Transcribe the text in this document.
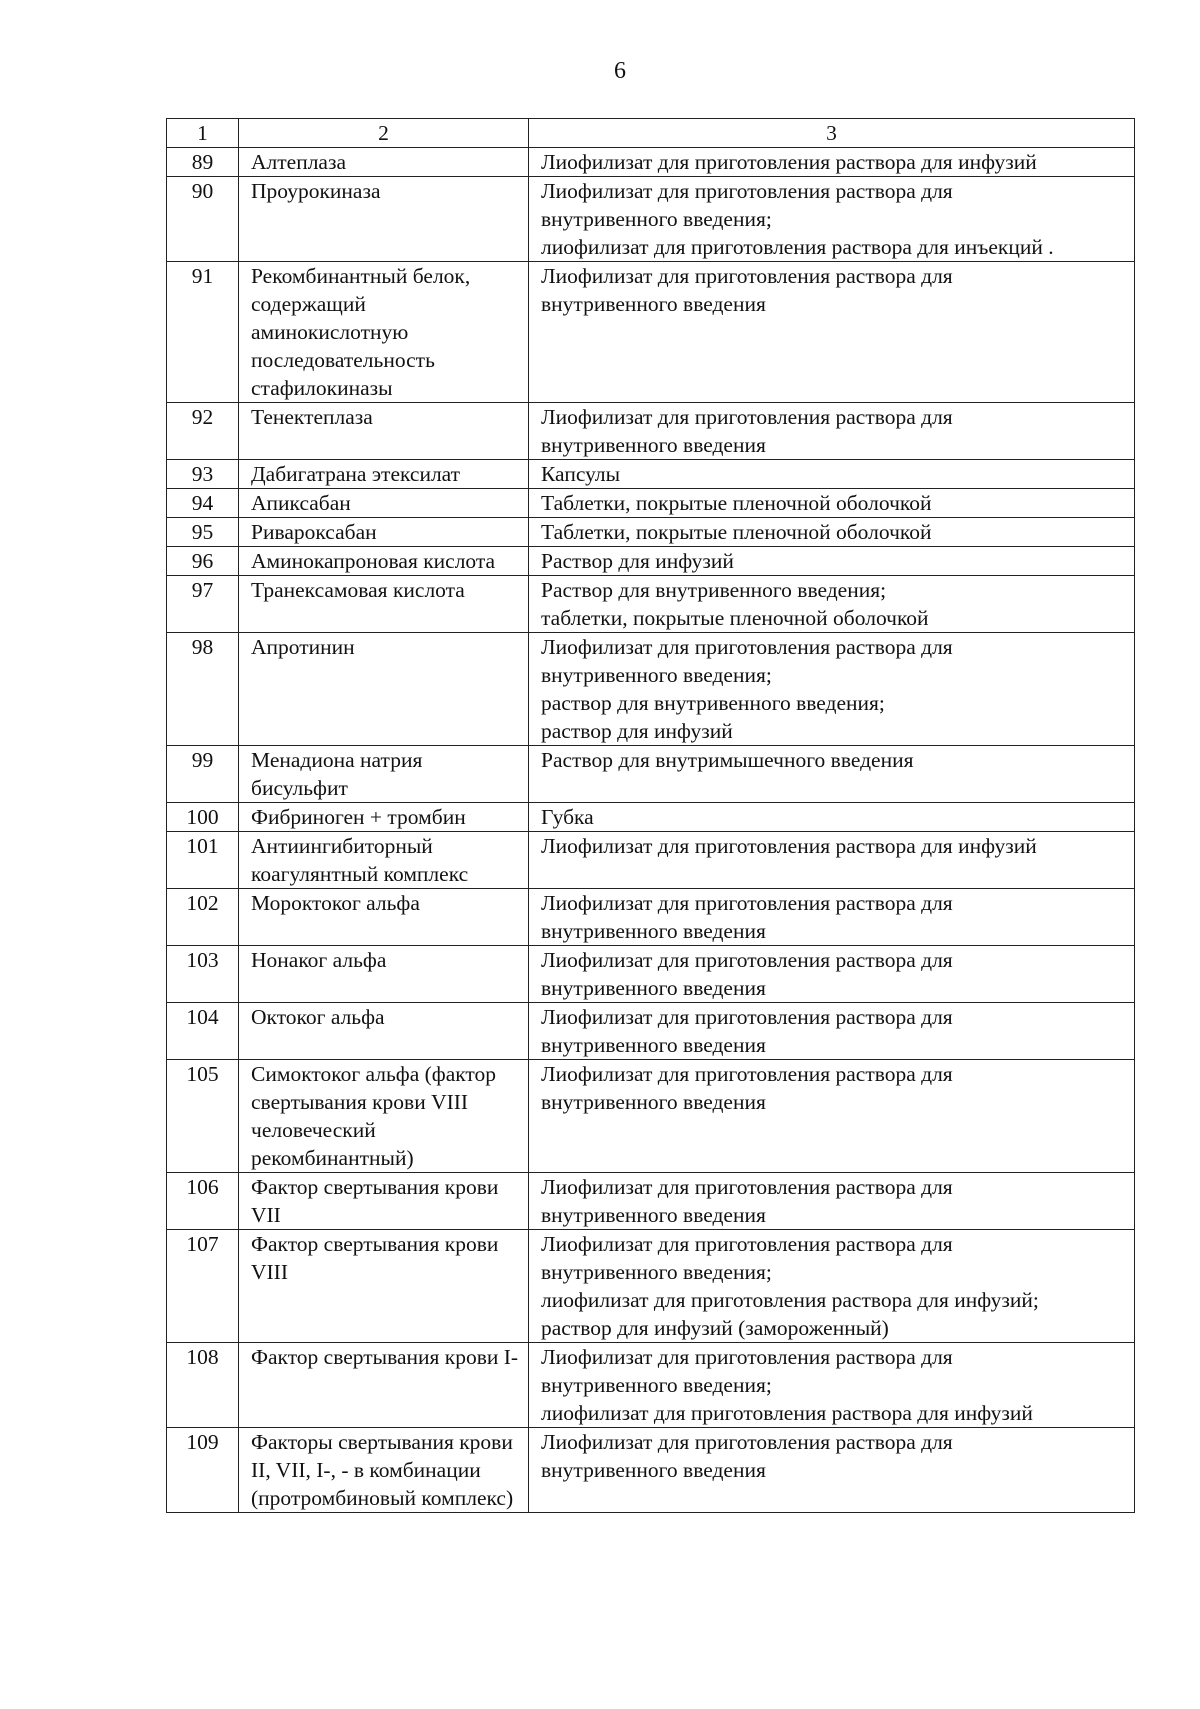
6
1	2	3
89	Алтеплаза	Лиофилизат для приготовления раствора для инфузий

90	Проурокиназа	Лиофилизат для приготовления раствора для
внутривенного введения;
лиофилизат для приготовления раствора для инъекций .

91	Рекомбинантный белок, содержащий аминокислотную последовательность стафилокиназы	Лиофилизат для приготовления раствора для
внутривенного введения

92	Тенектеплаза	Лиофилизат для приготовления раствора для
внутривенного введения

93	Дабигатрана этексилат	Капсулы

94	Апиксабан	Таблетки, покрытые пленочной оболочкой

95	Ривароксабан	Таблетки, покрытые пленочной оболочкой

96	Аминокапроновая кислота	Раствор для инфузий

97	Транексамовая кислота	Раствор для внутривенного введения;
таблетки, покрытые пленочной оболочкой

98	Апротинин	Лиофилизат для приготовления раствора для
внутривенного введения;
раствор для внутривенного введения;
раствор для инфузий

99	Менадиона натрия бисульфит	Раствор для внутримышечного введения

100	Фибриноген + тромбин	Губка

101	Антиингибиторный коагулянтный комплекс	Лиофилизат для приготовления раствора для инфузий

102	Мороктоког альфа	Лиофилизат для приготовления раствора для
внутривенного введения

103	Нонаког альфа	Лиофилизат для приготовления раствора для
внутривенного введения

104	Октоког альфа	Лиофилизат для приготовления раствора для
внутривенного введения

105	Симоктоког альфа (фактор свертывания крови VIII человеческий рекомбинантный)	Лиофилизат для приготовления раствора для
внутривенного введения

106	Фактор свертывания крови VII	Лиофилизат для приготовления раствора для
внутривенного введения

107	Фактор свертывания крови VIII	Лиофилизат для приготовления раствора для
внутривенного введения;
лиофилизат для приготовления раствора для инфузий;
раствор для инфузий (замороженный)

108	Фактор свертывания крови I-	Лиофилизат для приготовления раствора для
внутривенного введения;
лиофилизат для приготовления раствора для инфузий

109	Факторы свертывания крови II, VII, I-, - в комбинации (протромбиновый комплекс)	Лиофилизат для приготовления раствора для
внутривенного введения
